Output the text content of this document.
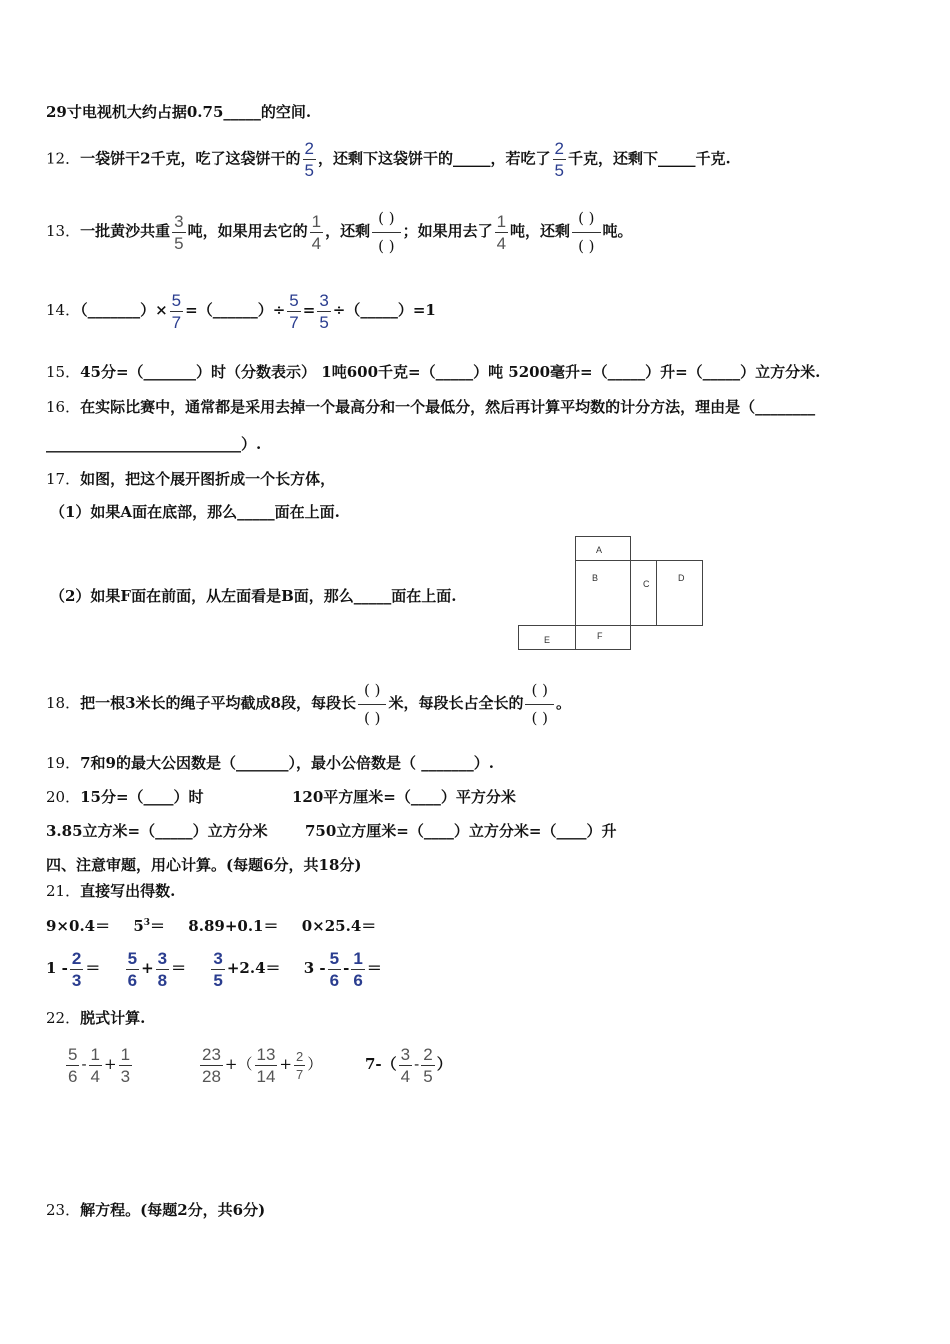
29寸电视机大约占据0.75_____的空间.
12．一袋饼干2千克，吃了这袋饼干的 $\frac{2}{5}$ ，还剩下这袋饼干的_____，若吃了 $\frac{2}{5}$ 千克，还剩下_____千克.
13．一批黄沙共重 $\frac{3}{5}$ 吨，如果用去它的 $\frac{1}{4}$ ，还剩
( )
( )
；如果用去了 $\frac{1}{4}$ 吨，还剩
( )
( )
吨。
14．（_______）× $\frac{5}{7}$ =（______）÷ $\frac{5}{7} = \frac{3}{5}$ ÷（_____）=1
15．45分=（_______）时（分数表示） 1吨600千克=（_____）吨 5200毫升=（_____）升=（_____）立方分米.
16．在实际比赛中，通常都是采用去掉一个最高分和一个最低分，然后再计算平均数的计分方法，理由是（________
__________________________）.
17．如图，把这个展开图折成一个长方体，
（1）如果A面在底部，那么_____面在上面.
（2）如果F面在前面，从左面看是B面，那么_____面在上面.
A
B
C
D
E	F
18．把一根3米长的绳子平均截成8段，每段长
( )
( )
米，每段长占全长的
( )
( )
。
19．7和9的最大公因数是（_______），最小公倍数是（ _______）.
20．15分=（____）时	120平方厘米=（____）平方分米
3.85立方米=（_____）立方分米 750立方厘米=（____）立方分米=（____）升
四、注意审题，用心计算。(每题6分，共18分)
21．直接写出得数.
$9\times 0.4= 5^3= 8.89+0.1= 0\times 25.4=$
$1 - \frac{2}{3} = \frac{5}{6} + \frac{3}{8} = \frac{3}{5} +2.4= 3 - \frac{5}{6} - \frac{1}{6}$ ＝
22．脱式计算.
$\frac{5}{6} - \frac{1}{4} + \frac{1}{3}$	$\frac{23}{28}$ +（ $\frac{13}{14} + \frac{2}{7}$ ）	$7-( \frac{3}{4} - \frac{2}{5}$ ）
23．解方程。(每题2分，共6分)
